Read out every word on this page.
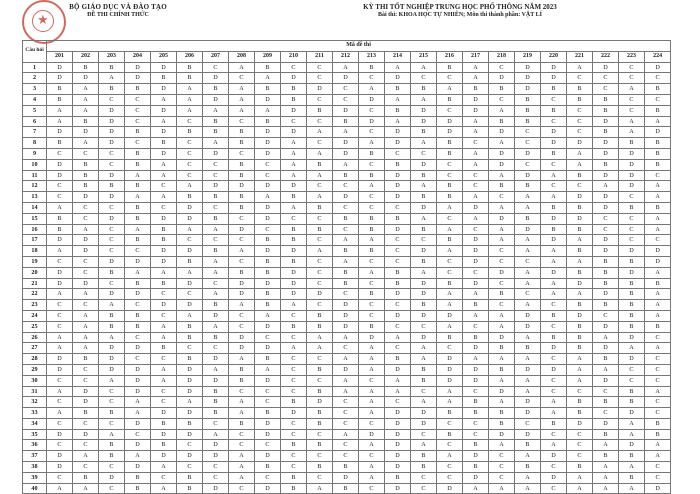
★
BỘ GIÁO DỤC VÀ ĐÀO TẠO
ĐỀ THI CHÍNH THỨC
KỲ THI TỐT NGHIỆP TRUNG HỌC PHỔ THÔNG NĂM 2023
Bài thi: KHOA HỌC TỰ NHIÊN; Môn thi thành phần: VẬT LÍ
Câu hỏi	Mã đề thi																							
	201	202	203	204	205	206	207	208	209	210	211	212	213	214	215	216	217	218	219	220	221	222	223	224
1	D	B	B	D	D	B	C	A	B	C	C	A	B	A	A	B	A	C	D	D	A	D	C	D
2	D	D	A	D	B	B	D	C	A	D	C	D	C	D	C	C	A	D	D	D	C	C	C	C
3	B	A	B	B	D	A	B	A	B	B	D	C	A	B	B	A	B	B	D	B	B	C	A	B
4	B	A	C	C	A	A	D	A	D	B	C	C	D	A	A	B	D	C	B	C	B	B	C	C
5	A	A	D	C	D	A	A	A	A	D	B	D	C	B	D	C	D	A	B	B	C	B	C	B
6	A	B	D	C	A	C	B	C	B	C	C	B	D	A	D	D	A	B	B	C	C	D	A	A
7	D	D	D	B	D	B	B	B	D	D	A	A	C	D	B	D	A	D	C	D	C	B	A	D
8	B	A	D	C	B	C	A	B	D	A	C	D	A	D	A	B	C	A	C	D	D	D	B	B
9	C	C	C	B	D	C	D	C	D	A	A	D	B	C	C	B	A	D	D	B	A	D	D	B
10	D	B	C	B	A	C	C	B	C	A	B	A	C	B	D	C	A	D	C	C	A	B	D	B
11	D	B	D	A	A	C	C	B	C	A	A	B	B	D	B	C	C	A	D	A	B	D	D	C
12	C	B	B	B	C	A	D	D	D	D	C	C	A	D	A	B	C	B	B	C	C	A	D	A
13	C	D	D	A	A	B	B	B	A	B	A	D	C	D	B	B	A	C	A	A	D	D	C	A
14	A	C	C	B	C	D	C	B	D	A	B	C	C	C	D	A	D	A	A	B	B	D	B	B
15	B	C	D	B	D	D	B	C	D	C	C	B	B	B	A	C	A	D	B	D	D	C	C	A
16	B	A	C	A	B	A	A	D	C	B	B	C	B	D	B	A	C	A	D	B	B	C	C	A
17	D	D	C	B	B	C	C	C	B	B	C	A	A	C	C	B	D	A	A	D	A	D	C	C
18	A	D	C	C	D	D	B	A	D	D	A	B	B	C	D	A	D	C	A	A	B	D	D	D
19	C	C	D	D	D	B	A	C	B	B	C	A	C	C	B	C	D	C	C	A	A	B	B	D
20	D	C	B	A	A	A	A	B	B	D	C	B	A	B	A	C	C	D	A	D	B	B	D	A
21	D	D	C	B	B	D	C	D	D	D	C	B	C	B	D	B	D	C	A	A	D	B	B	B
22	A	A	D	D	C	C	A	D	B	D	D	C	B	D	D	A	A	B	C	A	A	D	B	A
23	C	C	A	C	D	D	B	A	B	A	C	D	C	C	B	A	B	C	A	C	B	B	B	A
24	C	A	B	B	C	A	D	C	A	C	B	D	C	D	D	D	A	A	D	B	D	C	B	A
25	C	A	B	B	A	B	A	C	D	B	B	D	B	C	C	A	C	A	D	C	B	D	B	B
26	A	A	A	C	A	B	B	D	C	C	A	A	D	A	D	B	B	D	A	B	B	A	D	C
27	A	A	D	D	B	C	C	D	D	A	A	C	A	C	A	C	D	B	B	D	B	D	A	A
28	D	B	D	C	C	B	D	A	B	C	C	A	A	B	A	D	A	A	A	C	A	B	D	C
29	D	C	D	D	A	D	A	B	A	C	B	D	A	D	B	D	D	B	D	D	A	A	C	C
30	C	C	A	D	A	D	D	B	D	C	C	A	C	A	B	D	D	A	A	C	A	D	C	C
31	A	D	C	D	C	D	B	C	C	C	B	A	A	A	C	A	C	D	A	C	C	C	B	A
32	C	D	C	A	C	A	B	A	C	B	D	C	A	C	A	A	B	A	D	A	B	B	B	C
33	A	B	B	A	D	D	B	A	B	D	B	C	A	D	D	B	B	B	D	A	B	C	D	C
34	C	C	C	D	B	B	C	B	D	C	B	C	C	D	D	C	C	B	C	B	D	D	A	B
35	D	D	A	C	D	D	A	C	D	C	C	A	D	D	C	B	C	D	D	C	C	B	A	B
36	C	C	B	D	B	C	D	C	C	B	B	C	A	D	A	C	B	A	B	A	C	A	D	A
37	D	A	B	A	D	D	D	A	D	C	C	C	C	D	B	A	D	C	A	D	C	B	B	A
38	D	C	C	D	A	C	C	A	B	C	B	B	A	D	B	C	B	C	B	C	B	A	A	C
39	C	B	D	B	C	B	C	A	C	B	C	D	A	B	C	C	D	C	A	D	A	A	B	C
40	A	A	C	B	A	B	D	C	D	B	A	B	C	D	C	D	A	A	A	C	A	A	A	D
